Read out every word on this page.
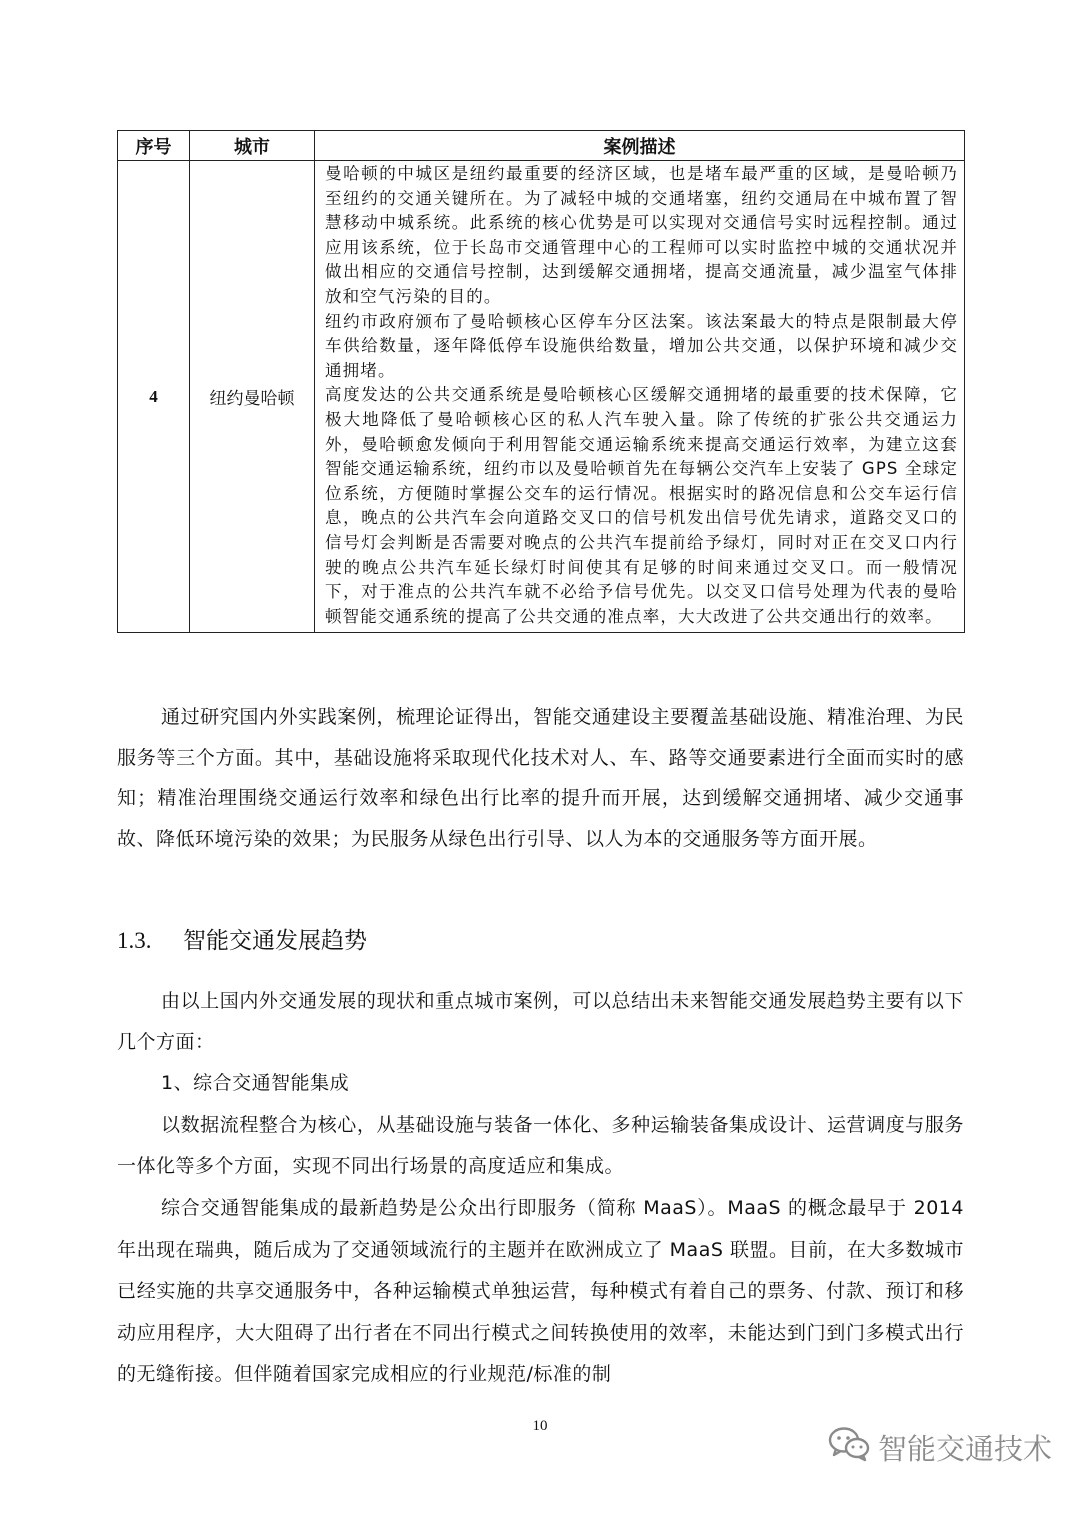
序号	城市	案例描述
4	纽约曼哈顿	曼哈顿的中城区是纽约最重要的经济区域，也是堵车最严重的区域，是曼哈顿乃至纽约的交通关键所在。为了减轻中城的交通堵塞，纽约交通局在中城布置了智慧移动中城系统。此系统的核心优势是可以实现对交通信号实时远程控制。通过应用该系统，位于长岛市交通管理中心的工程师可以实时监控中城的交通状况并做出相应的交通信号控制，达到缓解交通拥堵，提高交通流量，减少温室气体排放和空气污染的目的。

纽约市政府颁布了曼哈顿核心区停车分区法案。该法案最大的特点是限制最大停车供给数量，逐年降低停车设施供给数量，增加公共交通，以保护环境和减少交通拥堵。

高度发达的公共交通系统是曼哈顿核心区缓解交通拥堵的最重要的技术保障，它极大地降低了曼哈顿核心区的私人汽车驶入量。除了传统的扩张公共交通运力外，曼哈顿愈发倾向于利用智能交通运输系统来提高交通运行效率，为建立这套智能交通运输系统，纽约市以及曼哈顿首先在每辆公交汽车上安装了 GPS 全球定位系统，方便随时掌握公交车的运行情况。根据实时的路况信息和公交车运行信息，晚点的公共汽车会向道路交叉口的信号机发出信号优先请求，道路交叉口的信号灯会判断是否需要对晚点的公共汽车提前给予绿灯，同时对正在交叉口内行驶的晚点公共汽车延长绿灯时间使其有足够的时间来通过交叉口。而一般情况下，对于准点的公共汽车就不必给予信号优先。以交叉口信号处理为代表的曼哈顿智能交通系统的提高了公共交通的准点率，大大改进了公共交通出行的效率。

通过研究国内外实践案例，梳理论证得出，智能交通建设主要覆盖基础设施、精准治理、为民服务等三个方面。其中，基础设施将采取现代化技术对人、车、路等交通要素进行全面而实时的感知；精准治理围绕交通运行效率和绿色出行比率的提升而开展，达到缓解交通拥堵、减少交通事故、降低环境污染的效果；为民服务从绿色出行引导、以人为本的交通服务等方面开展。

1.3. 智能交通发展趋势

由以上国内外交通发展的现状和重点城市案例，可以总结出未来智能交通发展趋势主要有以下几个方面：

1、综合交通智能集成

以数据流程整合为核心，从基础设施与装备一体化、多种运输装备集成设计、运营调度与服务一体化等多个方面，实现不同出行场景的高度适应和集成。

综合交通智能集成的最新趋势是公众出行即服务（简称 MaaS）。MaaS 的概念最早于 2014 年出现在瑞典，随后成为了交通领域流行的主题并在欧洲成立了 MaaS 联盟。目前，在大多数城市已经实施的共享交通服务中，各种运输模式单独运营，每种模式有着自己的票务、付款、预订和移动应用程序，大大阻碍了出行者在不同出行模式之间转换使用的效率，未能达到门到门多模式出行的无缝衔接。但伴随着国家完成相应的行业规范/标准的制

10
智能交通技术
